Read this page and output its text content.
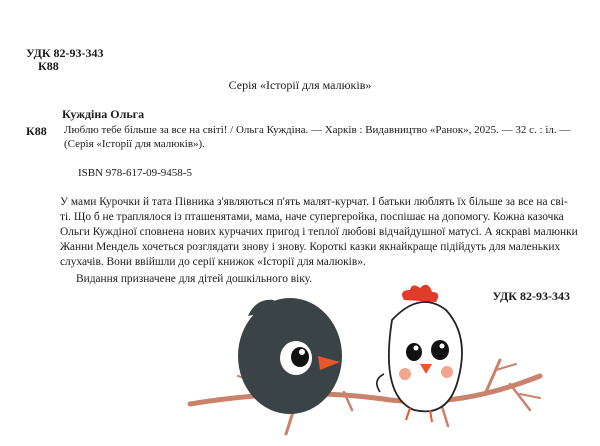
УДК 82-93-343
К88
Серія «Історії для малюків»
Куждіна Ольга
К88 Люблю тебе більше за все на світі! / Ольга Куждіна. — Харків : Видавництво «Ранок», 2025. — 32 с. : іл. —
(Серія «Історії для малюків»).
ISBN 978-617-09-9458-5
У мами Курочки й тата Півника з'являються п'ять малят-курчат. І батьки люблять їх більше за все на сві-
ті. Що б не траплялося із пташенятами, мама, наче супергеройка, поспішає на допомогу. Кожна казочка
Ольги Куждіної сповнена нових курчачих пригод і теплої любові відчайдушної матусі. А яскраві малюнки
Жанни Мендель хочеться розглядати знову і знову. Короткі казки якнайкраще підійдуть для маленьких
слухачів. Вони ввійшли до серії книжок «Історії для малюків».
Видання призначене для дітей дошкільного віку.
УДК 82-93-343
